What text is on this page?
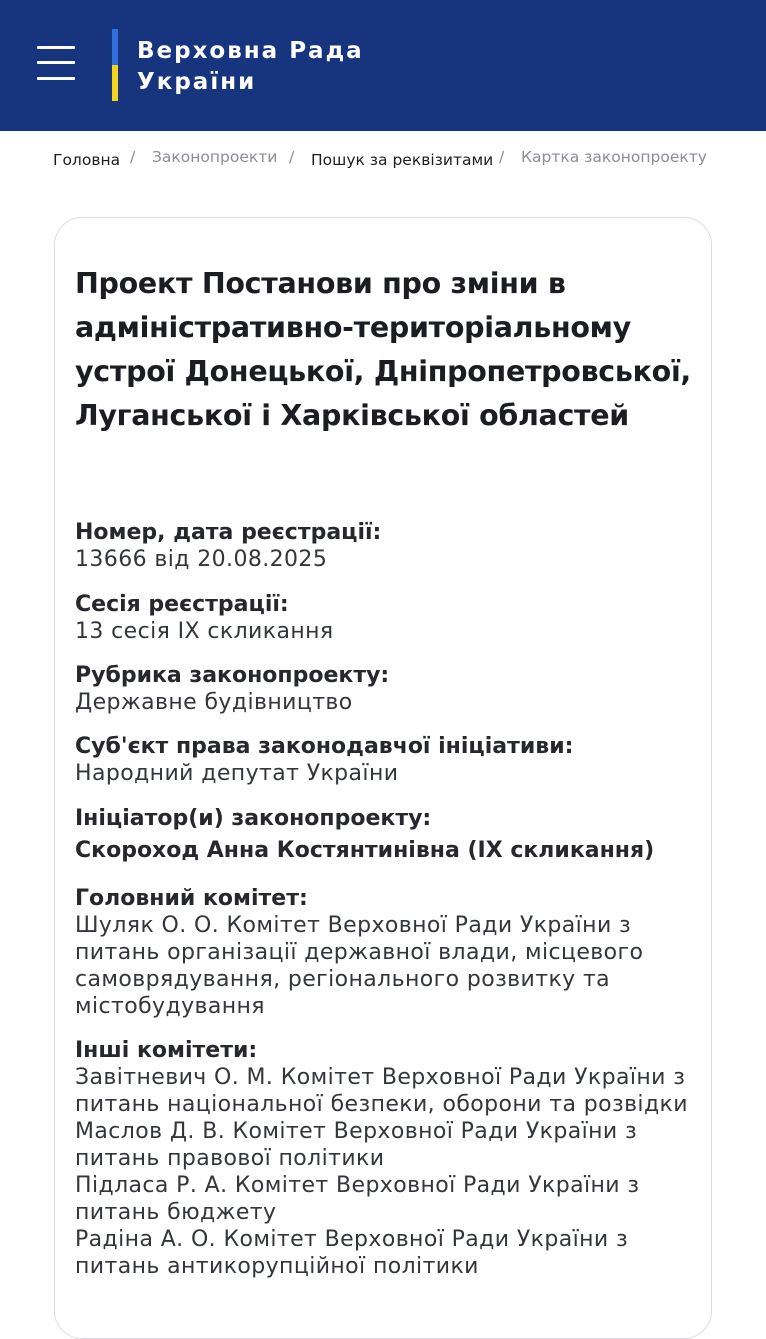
Верховна Рада
України
Головна / Законопроекти / Пошук за реквізитами / Картка законопроекту
Проект Постанови про зміни в адміністративно-територіальному устрої Донецької, Дніпропетровської, Луганської і Харківської областей
Номер, дата реєстрації:
13666 від 20.08.2025
Сесія реєстрації:
13 сесія IX скликання
Рубрика законопроекту:
Державне будівництво
Суб'єкт права законодавчої ініціативи:
Народний депутат України
Ініціатор(и) законопроекту:
Скороход Анна Костянтинівна (IX скликання)
Головний комітет:
Шуляк О. О. Комітет Верховної Ради України з
питань організації державної влади, місцевого
самоврядування, регіонального розвитку та
містобудування
Інші комітети:
Завітневич О. М. Комітет Верховної Ради України з
питань національної безпеки, оборони та розвідки
Маслов Д. В. Комітет Верховної Ради України з
питань правової політики
Підласа Р. А. Комітет Верховної Ради України з
питань бюджету
Радіна А. О. Комітет Верховної Ради України з
питань антикорупційної політики
